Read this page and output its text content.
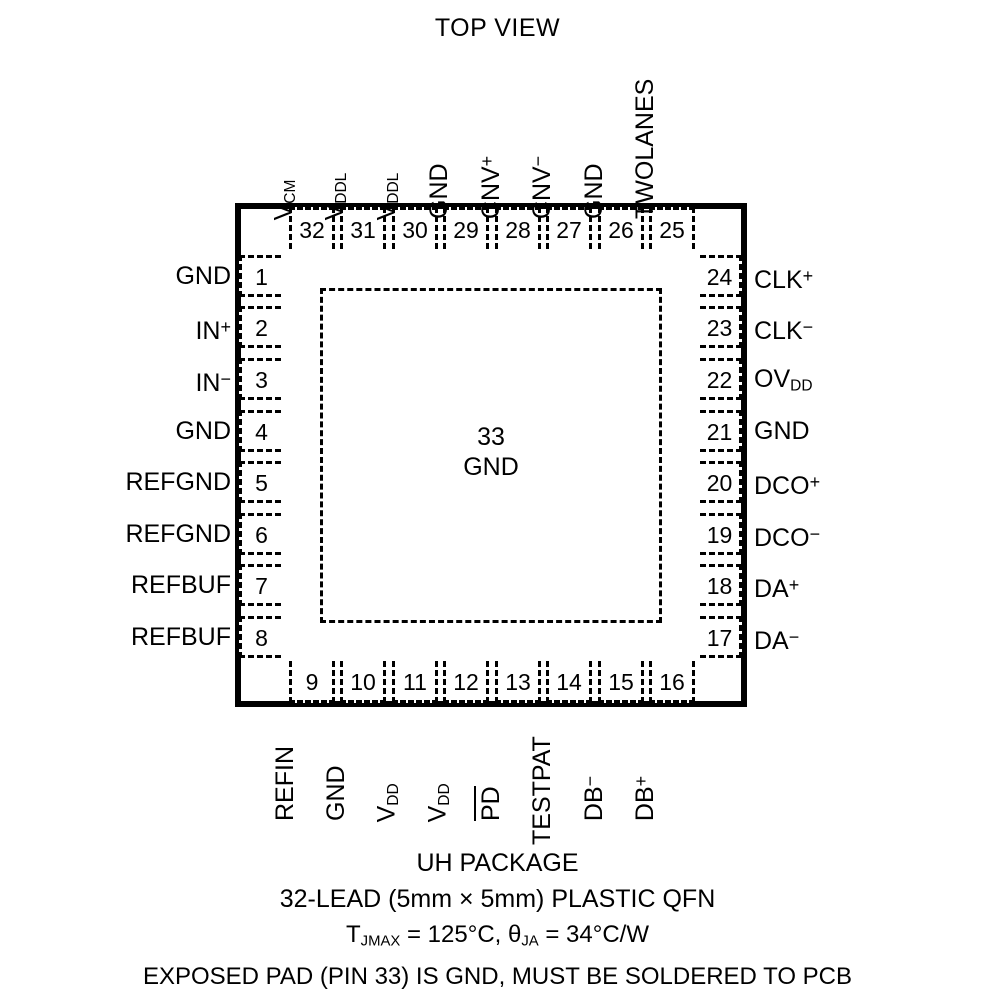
TOP VIEW
33
GND
1
GND
2
IN+
3
IN−
4
GND
5
REFGND
6
REFGND
7
REFBUF
8
REFBUF
24 CLK+
23 CLK−
22 $OV_{DD}$
21 GND
20 DCO+
19 DCO−
18 DA+
17 DA−
32
$V_{CM}$
31
$V_{DDL}$
30
$V_{DDL}$
29
GND
28
CNV+
27
CNV−
26
GND
25
TWOLANES
9
REFIN
10
GND
11
$V_{DD}$
12
$V_{DD}$
13
PD
14
TESTPAT
15
DB−
16
DB+
UH PACKAGE
32-LEAD (5mm × 5mm) PLASTIC QFN
$T_{JMAX} = 125^\circ C$, $\theta_{JA} = 34^\circ C/W$
EXPOSED PAD (PIN 33) IS GND, MUST BE SOLDERED TO PCB
